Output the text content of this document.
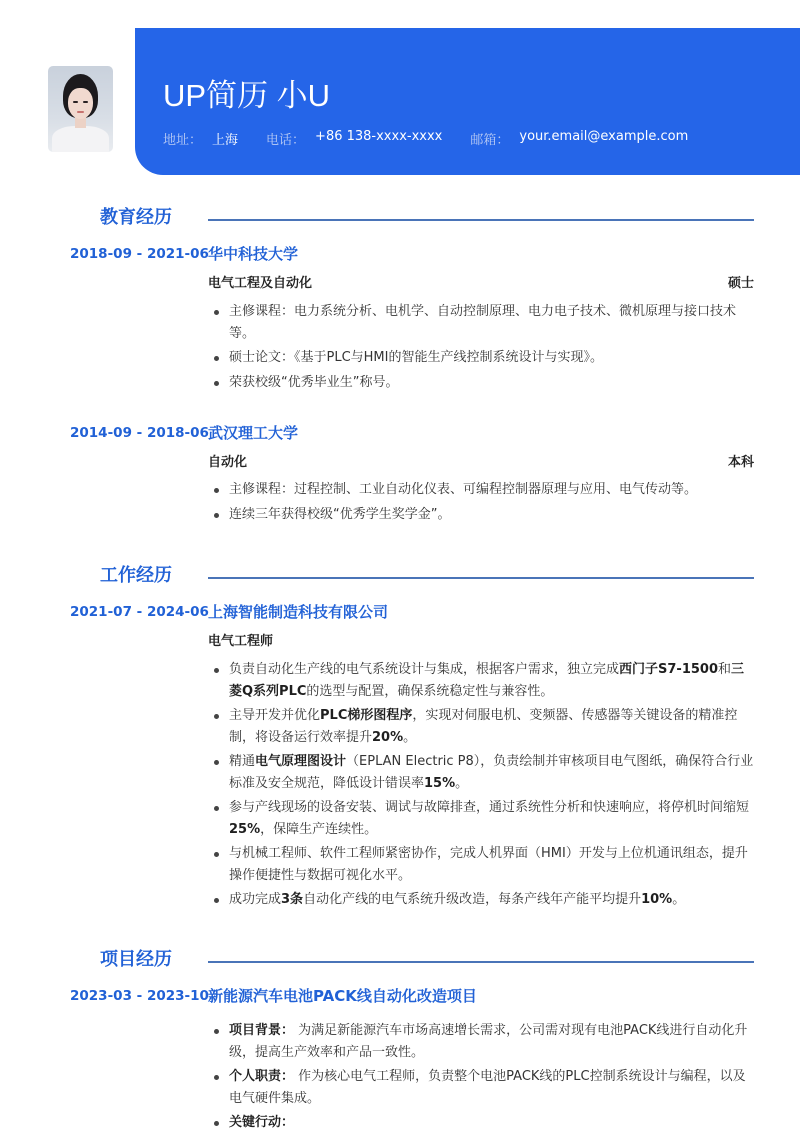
UP简历 小U
地址： 上海 电话： +86 138-xxxx-xxxx 邮箱： your.email@example.com
教育经历
2018-09 - 2021-06 华中科技大学
电气工程及自动化	硕士
主修课程：电力系统分析、电机学、自动控制原理、电力电子技术、微机原理与接口技术等。
硕士论文：《基于PLC与HMI的智能生产线控制系统设计与实现》。
荣获校级“优秀毕业生”称号。
2014-09 - 2018-06 武汉理工大学
自动化	本科
主修课程：过程控制、工业自动化仪表、可编程控制器原理与应用、电气传动等。
连续三年获得校级“优秀学生奖学金”。
工作经历
2021-07 - 2024-06 上海智能制造科技有限公司
电气工程师
负责自动化生产线的电气系统设计与集成，根据客户需求，独立完成西门子S7-1500和三菱Q系列PLC的选型与配置，确保系统稳定性与兼容性。
主导开发并优化PLC梯形图程序，实现对伺服电机、变频器、传感器等关键设备的精准控制，将设备运行效率提升20%。
精通电气原理图设计（EPLAN Electric P8），负责绘制并审核项目电气图纸，确保符合行业标准及安全规范，降低设计错误率15%。
参与产线现场的设备安装、调试与故障排查，通过系统性分析和快速响应，将停机时间缩短25%，保障生产连续性。
与机械工程师、软件工程师紧密协作，完成人机界面（HMI）开发与上位机通讯组态，提升操作便捷性与数据可视化水平。
成功完成3条自动化产线的电气系统升级改造，每条产线年产能平均提升10%。
项目经历
2023-03 - 2023-10 新能源汽车电池PACK线自动化改造项目
项目背景： 为满足新能源汽车市场高速增长需求，公司需对现有电池PACK线进行自动化升级，提高生产效率和产品一致性。
个人职责： 作为核心电气工程师，负责整个电池PACK线的PLC控制系统设计与编程，以及电气硬件集成。
关键行动：
